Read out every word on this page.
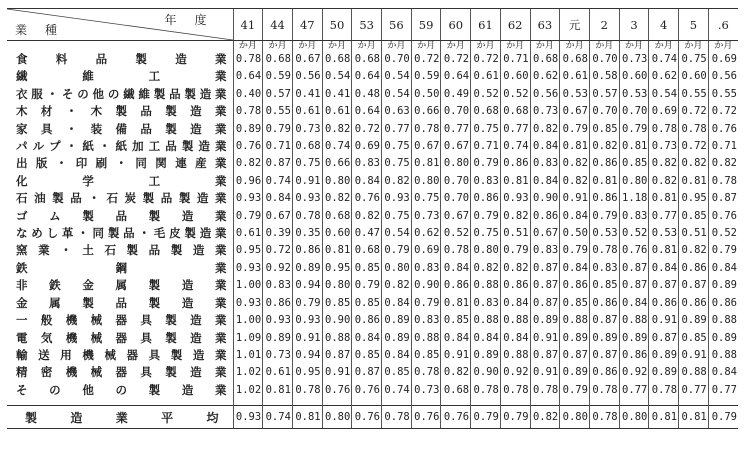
年度
業種	41	44	47	50	53	56	59	60	61	62	63	元	2	3	4	5	.6
	か月	か月	か月	か月	か月	か月	か月	か月	か月	か月	か月	か月	か月	か月	か月	か月	か月
食料品製造業	0.78	0.68	0.67	0.68	0.68	0.70	0.72	0.72	0.72	0.71	0.68	0.68	0.70	0.73	0.74	0.75	0.69
繊維工業	0.64	0.59	0.56	0.54	0.64	0.54	0.59	0.64	0.61	0.60	0.62	0.61	0.58	0.60	0.62	0.60	0.56
衣服・その他の繊維製品製造業	0.40	0.57	0.41	0.41	0.48	0.54	0.50	0.49	0.52	0.52	0.56	0.53	0.57	0.53	0.54	0.55	0.55
木材・木製品製造業	0.78	0.55	0.61	0.61	0.64	0.63	0.66	0.70	0.68	0.68	0.73	0.67	0.70	0.70	0.69	0.72	0.72
家具・装備品製造業	0.89	0.79	0.73	0.82	0.72	0.77	0.78	0.77	0.75	0.77	0.82	0.79	0.85	0.79	0.78	0.78	0.76
パルプ・紙・紙加工品製造業	0.76	0.71	0.68	0.74	0.69	0.75	0.67	0.67	0.71	0.74	0.84	0.81	0.82	0.81	0.73	0.72	0.71
出版・印刷・同関連産業	0.82	0.87	0.75	0.66	0.83	0.75	0.81	0.80	0.79	0.86	0.83	0.82	0.86	0.85	0.82	0.82	0.82
化学工業	0.96	0.74	0.91	0.80	0.84	0.82	0.80	0.70	0.83	0.81	0.84	0.82	0.81	0.80	0.82	0.81	0.78
石油製品・石炭製品製造業	0.93	0.84	0.93	0.82	0.76	0.93	0.75	0.70	0.86	0.93	0.90	0.91	0.86	1.18	0.81	0.95	0.87
ゴム製品製造業	0.79	0.67	0.78	0.68	0.82	0.75	0.73	0.67	0.79	0.82	0.86	0.84	0.79	0.83	0.77	0.85	0.76
なめし革・同製品・毛皮製造業	0.61	0.39	0.35	0.60	0.47	0.54	0.62	0.52	0.75	0.51	0.67	0.50	0.53	0.52	0.53	0.51	0.52
窯業・土石製品製造業	0.95	0.72	0.86	0.81	0.68	0.79	0.69	0.78	0.80	0.79	0.83	0.79	0.78	0.76	0.81	0.82	0.79
鉄鋼業	0.93	0.92	0.89	0.95	0.85	0.80	0.83	0.84	0.82	0.82	0.87	0.84	0.83	0.87	0.84	0.86	0.84
非鉄金属製造業	1.00	0.83	0.94	0.80	0.79	0.82	0.90	0.86	0.88	0.86	0.87	0.86	0.85	0.87	0.87	0.87	0.89
金属製品製造業	0.93	0.86	0.79	0.85	0.85	0.84	0.79	0.81	0.83	0.84	0.87	0.85	0.86	0.84	0.86	0.86	0.86
一般機械器具製造業	1.00	0.93	0.93	0.90	0.86	0.89	0.83	0.85	0.88	0.88	0.89	0.88	0.87	0.88	0.91	0.89	0.88
電気機械器具製造業	1.09	0.89	0.91	0.88	0.84	0.89	0.88	0.84	0.84	0.84	0.91	0.89	0.89	0.89	0.87	0.85	0.89
輸送用機械器具製造業	1.01	0.73	0.94	0.87	0.85	0.84	0.85	0.91	0.89	0.88	0.87	0.87	0.87	0.86	0.89	0.91	0.88
精密機械器具製造業	1.02	0.61	0.95	0.91	0.87	0.85	0.78	0.82	0.90	0.92	0.91	0.89	0.86	0.92	0.89	0.88	0.84
その他の製造業	1.02	0.81	0.78	0.76	0.76	0.74	0.73	0.68	0.78	0.78	0.78	0.79	0.78	0.77	0.78	0.77	0.77

製造業平均	0.93	0.74	0.81	0.80	0.76	0.78	0.76	0.76	0.79	0.79	0.82	0.80	0.78	0.80	0.81	0.81	0.79
